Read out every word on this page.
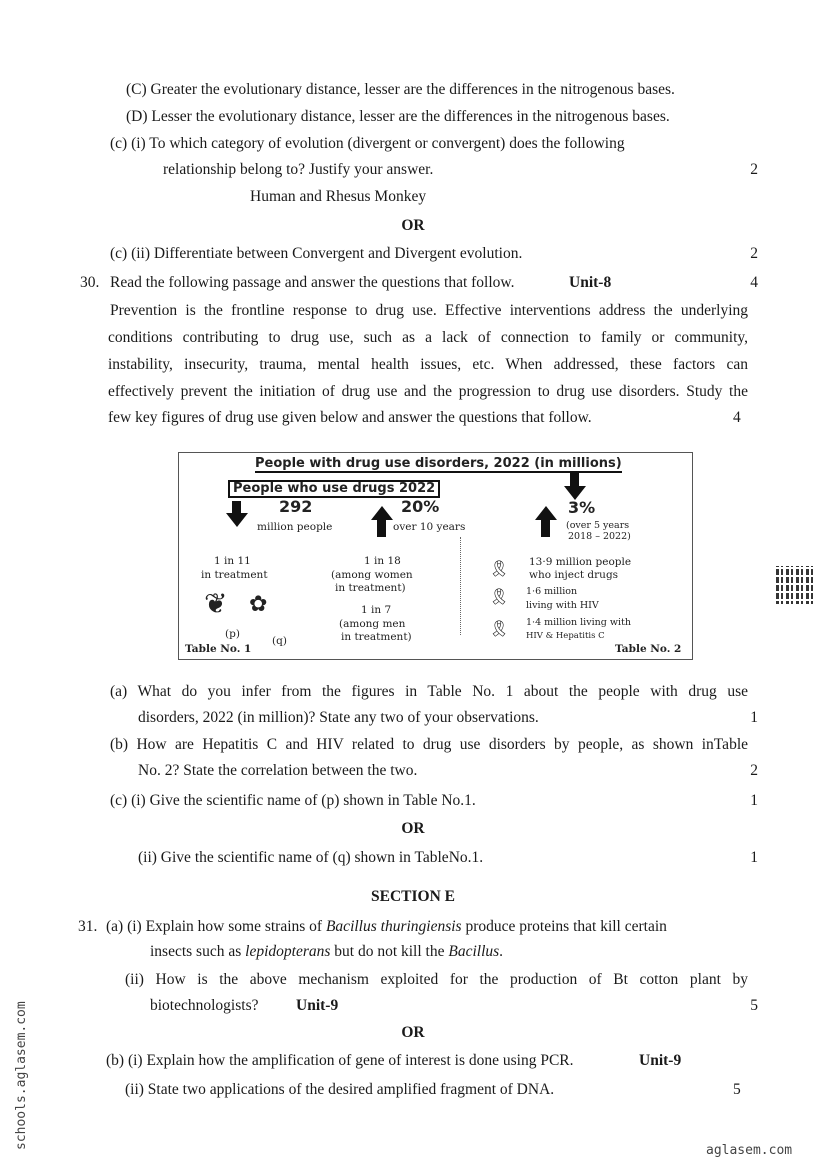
(C) Greater the evolutionary distance, lesser are the differences in the nitrogenous bases.
(D) Lesser the evolutionary distance, lesser are the differences in the nitrogenous bases.
(c) (i) To which category of evolution (divergent or convergent) does the following
relationship belong to? Justify your answer.	2
Human and Rhesus Monkey
OR
(c) (ii) Differentiate between Convergent and Divergent evolution.	2
30. Read the following passage and answer the questions that follow.	Unit-8	4
Prevention is the frontline response to drug use. Effective interventions address the underlying
conditions contributing to drug use, such as a lack of connection to family or community,
instability, insecurity, trauma, mental health issues, etc. When addressed, these factors can
effectively prevent the initiation of drug use and the progression to drug use disorders. Study the
few key figures of drug use given below and answer the questions that follow.	4
People with drug use disorders, 2022 (in millions)
People who use drugs 2022
292
million people
20%
over 10 years
3%
(over 5 years
2018 – 2022)
1 in 11
in treatment
❦ ✿
(p)
(q)
1 in 18
(among women
in treatment)
1 in 7
(among men
in treatment)
🎗︎ 13·9 million people
who inject drugs
🎗︎ 1·6 million
living with HIV
🎗︎ 1·4 million living with
HIV & Hepatitis C
Table No. 1	Table No. 2
(a) What do you infer from the figures in Table No. 1 about the people with drug use
disorders, 2022 (in million)? State any two of your observations.	1
(b) How are Hepatitis C and HIV related to drug use disorders by people, as shown inTable
No. 2? State the correlation between the two.	2
(c) (i) Give the scientific name of (p) shown in Table No.1.	1
OR
(ii) Give the scientific name of (q) shown in TableNo.1.	1
SECTION E
31. (a) (i) Explain how some strains of Bacillus thuringiensis produce proteins that kill certain
insects such as lepidopterans but do not kill the Bacillus.
(ii) How is the above mechanism exploited for the production of Bt cotton plant by
biotechnologists? Unit-9	5
OR
(b) (i) Explain how the amplification of gene of interest is done using PCR.	Unit-9
(ii) State two applications of the desired amplified fragment of DNA.	5
schools.aglasem.com
aglasem.com
